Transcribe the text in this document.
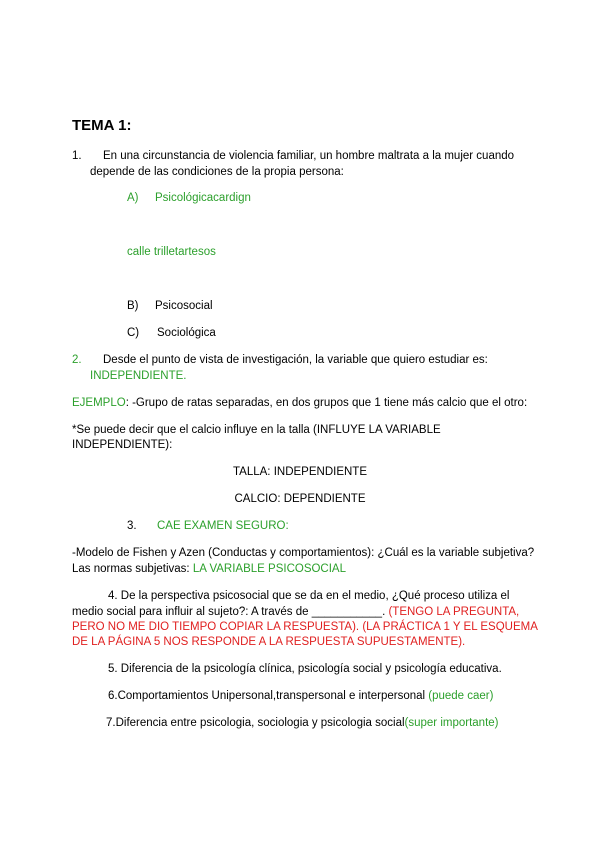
TEMA 1:
1. En una circunstancia de violencia familiar, un hombre maltrata a la mujer cuando
depende de las condiciones de la propia persona:
A) Psicológicacardign
calle trilletartesos
B) Psicosocial
C) Sociológica
2. Desde el punto de vista de investigación, la variable que quiero estudiar es:
INDEPENDIENTE.
EJEMPLO: -Grupo de ratas separadas, en dos grupos que 1 tiene más calcio que el otro:
*Se puede decir que el calcio influye en la talla (INFLUYE LA VARIABLE
INDEPENDIENTE):
TALLA: INDEPENDIENTE
CALCIO: DEPENDIENTE
3. CAE EXAMEN SEGURO:
-Modelo de Fishen y Azen (Conductas y comportamientos): ¿Cuál es la variable subjetiva?
Las normas subjetivas: LA VARIABLE PSICOSOCIAL
4. De la perspectiva psicosocial que se da en el medio, ¿Qué proceso utiliza el
medio social para influir al sujeto?: A través de ___________. (TENGO LA PREGUNTA,
PERO NO ME DIO TIEMPO COPIAR LA RESPUESTA). (LA PRÁCTICA 1 Y EL ESQUEMA
DE LA PÁGINA 5 NOS RESPONDE A LA RESPUESTA SUPUESTAMENTE).
5. Diferencia de la psicología clínica, psicología social y psicología educativa.
6.Comportamientos Unipersonal,transpersonal e interpersonal (puede caer)
7.Diferencia entre psicologia, sociologia y psicologia social(super importante)
